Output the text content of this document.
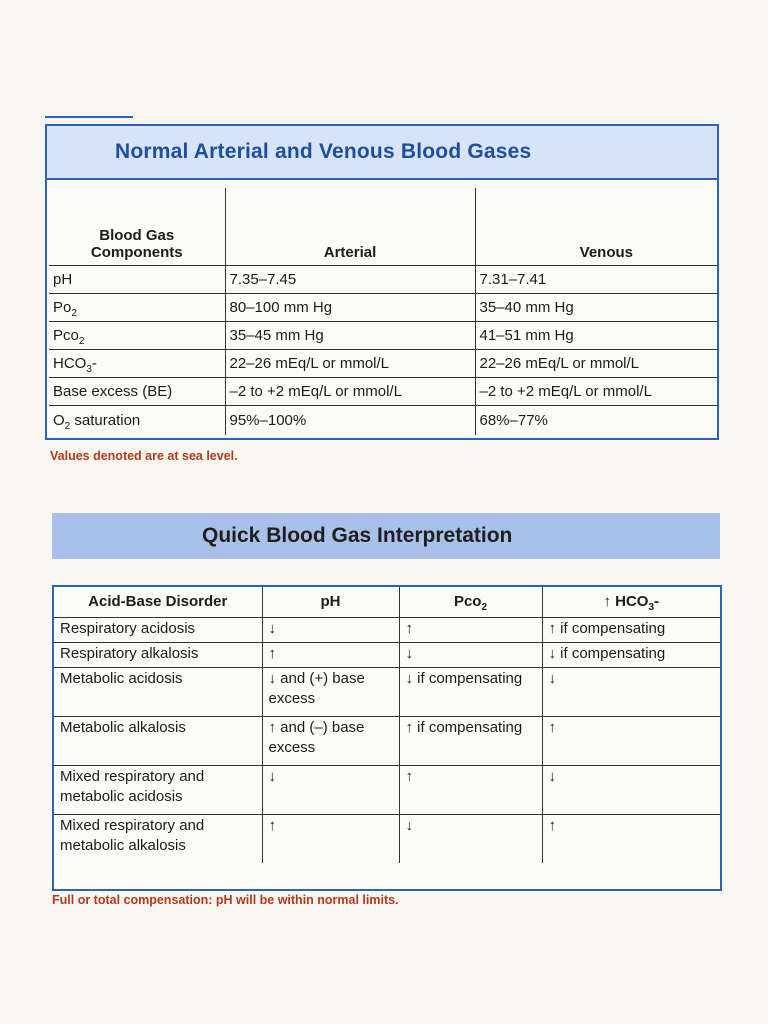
Normal Arterial and Venous Blood Gases
Blood Gas
Components	Arterial	Venous
pH	7.35–7.45	7.31–7.41
$Po_2$	80–100 mm Hg	35–40 mm Hg
Pco$_2$	35–45 mm Hg	41–51 mm Hg
$HCO_3-$	22–26 mEq/L or mmol/L	22–26 mEq/L or mmol/L
Base excess (BE)	–2 to +2 mEq/L or mmol/L	–2 to +2 mEq/L or mmol/L
$O_2$ saturation	95%–100%	68%–77%
Values denoted are at sea level.
Quick Blood Gas Interpretation
Acid-Base Disorder	pH	Pco$_2$	↑ $HCO_3-$
Respiratory acidosis	↓	↑	↑ if compensating
Respiratory alkalosis	↑	↓	↓ if compensating
Metabolic acidosis	↓ and (+) base excess	↓ if compensating	↓
Metabolic alkalosis	↑ and (–) base excess	↑ if compensating	↑
Mixed respiratory and metabolic acidosis	↓	↑	↓
Mixed respiratory and metabolic alkalosis	↑	↓	↑
Full or total compensation: pH will be within normal limits.
